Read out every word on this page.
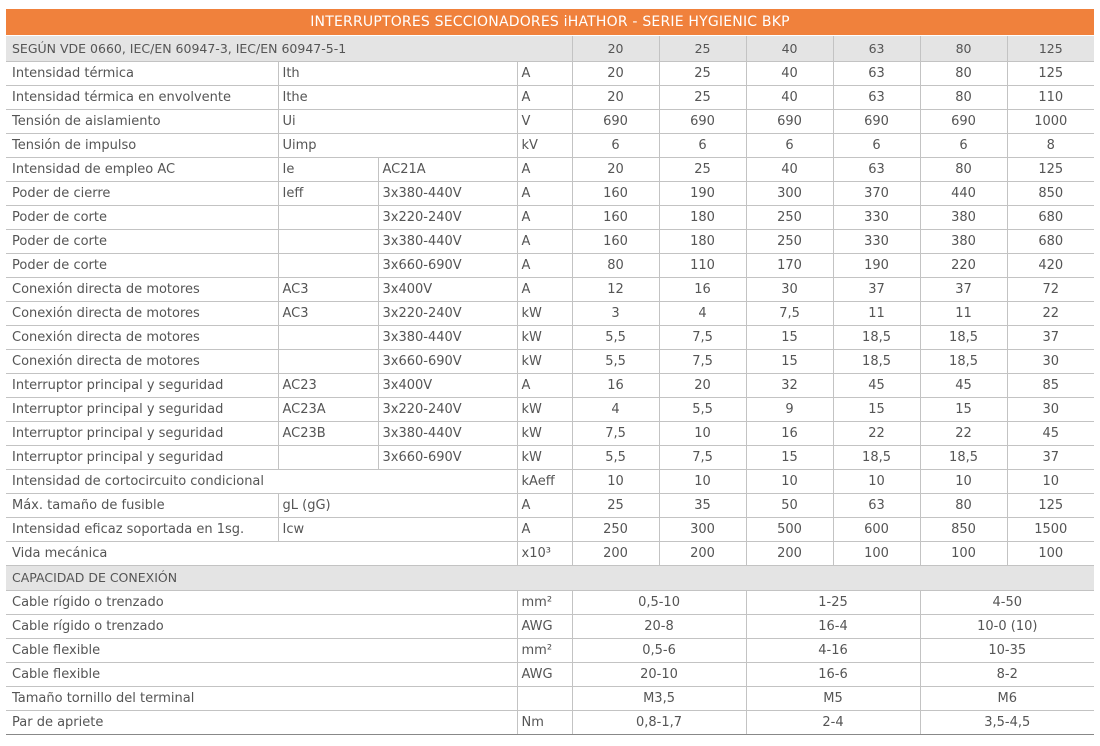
INTERRUPTORES SECCIONADORES iHATHOR - SERIE HYGIENIC BKP
SEGÚN VDE 0660, IEC/EN 60947-3, IEC/EN 60947-5-1				20	25	40	63	80	125
Intensidad térmica	Ith		A	20	25	40	63	80	125
Intensidad térmica en envolvente	Ithe		A	20	25	40	63	80	110
Tensión de aislamiento	Ui		V	690	690	690	690	690	1000
Tensión de impulso	Uimp		kV	6	6	6	6	6	8
Intensidad de empleo AC	Ie	AC21A	A	20	25	40	63	80	125
Poder de cierre	Ieff	3x380-440V	A	160	190	300	370	440	850
Poder de corte		3x220-240V	A	160	180	250	330	380	680
Poder de corte		3x380-440V	A	160	180	250	330	380	680
Poder de corte		3x660-690V	A	80	110	170	190	220	420
Conexión directa de motores	AC3	3x400V	A	12	16	30	37	37	72
Conexión directa de motores	AC3	3x220-240V	kW	3	4	7,5	11	11	22
Conexión directa de motores		3x380-440V	kW	5,5	7,5	15	18,5	18,5	37
Conexión directa de motores		3x660-690V	kW	5,5	7,5	15	18,5	18,5	30
Interruptor principal y seguridad	AC23	3x400V	A	16	20	32	45	45	85
Interruptor principal y seguridad	AC23A	3x220-240V	kW	4	5,5	9	15	15	30
Interruptor principal y seguridad	AC23B	3x380-440V	kW	7,5	10	16	22	22	45
Interruptor principal y seguridad		3x660-690V	kW	5,5	7,5	15	18,5	18,5	37
Intensidad de cortocircuito condicional			kAeff	10	10	10	10	10	10
Máx. tamaño de fusible	gL (gG)		A	25	35	50	63	80	125
Intensidad eficaz soportada en 1sg.	Icw		A	250	300	500	600	850	1500
Vida mecánica			x10³	200	200	200	100	100	100
CAPACIDAD DE CONEXIÓN									
Cable rígido o trenzado			mm²	0,5-10		1-25		4-50	
Cable rígido o trenzado			AWG	20-8		16-4		10-0 (10)	
Cable flexible			mm²	0,5-6		4-16		10-35	
Cable flexible			AWG	20-10		16-6		8-2	
Tamaño tornillo del terminal				M3,5		M5		M6	
Par de apriete			Nm	0,8-1,7		2-4		3,5-4,5	
